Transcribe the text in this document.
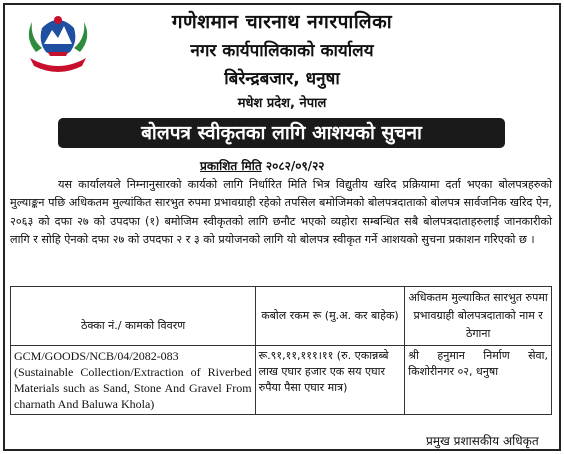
गणेशमान चारनाथ नगरपालिका
नगर कार्यपालिकाको कार्यालय
बिरेन्द्रबजार, धनुषा
मधेश प्रदेश, नेपाल
बोलपत्र स्वीकृतका लागि आशयको सुचना
प्रकाशित मिति २०८२/०९/२२
यस कार्यालयले निम्नानुसारको कार्यको लागि निर्धारित मिति भित्र विद्युतीय खरिद प्रक्रियामा दर्ता भएका बोलपत्रहरुको मुल्याङ्कन पछि अधिकतम मुल्यांकित सारभुत रुपमा प्रभावग्राही रहेको तपसिल बमोजिमको बोलपत्रदाताको बोलपत्र सार्वजनिक खरिद ऐन, २०६३ को दफा २७ को उपदफा (१) बमोजिम स्वीकृतको लागि छनौट भएको व्यहोरा सम्बन्धित सबै बोलपत्रदाताहरुलाई जानकारीको लागि र सोहि ऐनको दफा २७ को उपदफा २ र ३ को प्रयोजनको लागि यो बोलपत्र स्वीकृत गर्ने आशयको सुचना प्रकाशन गरिएको छ ।
ठेक्का नं./ कामको विवरण	कबोल रकम रू (मु.अ. कर बाहेक)	अधिकतम मुल्याकित सारभुत रुपमा प्रभावग्राही बोलपत्रदाताको नाम र ठेगाना

GCM/GOODS/NCB/04/2082-083
(Sustainable Collection/Extraction of Riverbed Materials such as Sand, Stone And Gravel From charnath And Baluwa Khola)	रू.९१,११,१११।११ (रु. एकान्नब्बे लाख एघार हजार एक सय एघार रुपैया पैसा एघार मात्र)	श्री हनुमान निर्माण सेवा, किशोरीनगर ०२, धनुषा
प्रमुख प्रशासकीय अधिकृत
